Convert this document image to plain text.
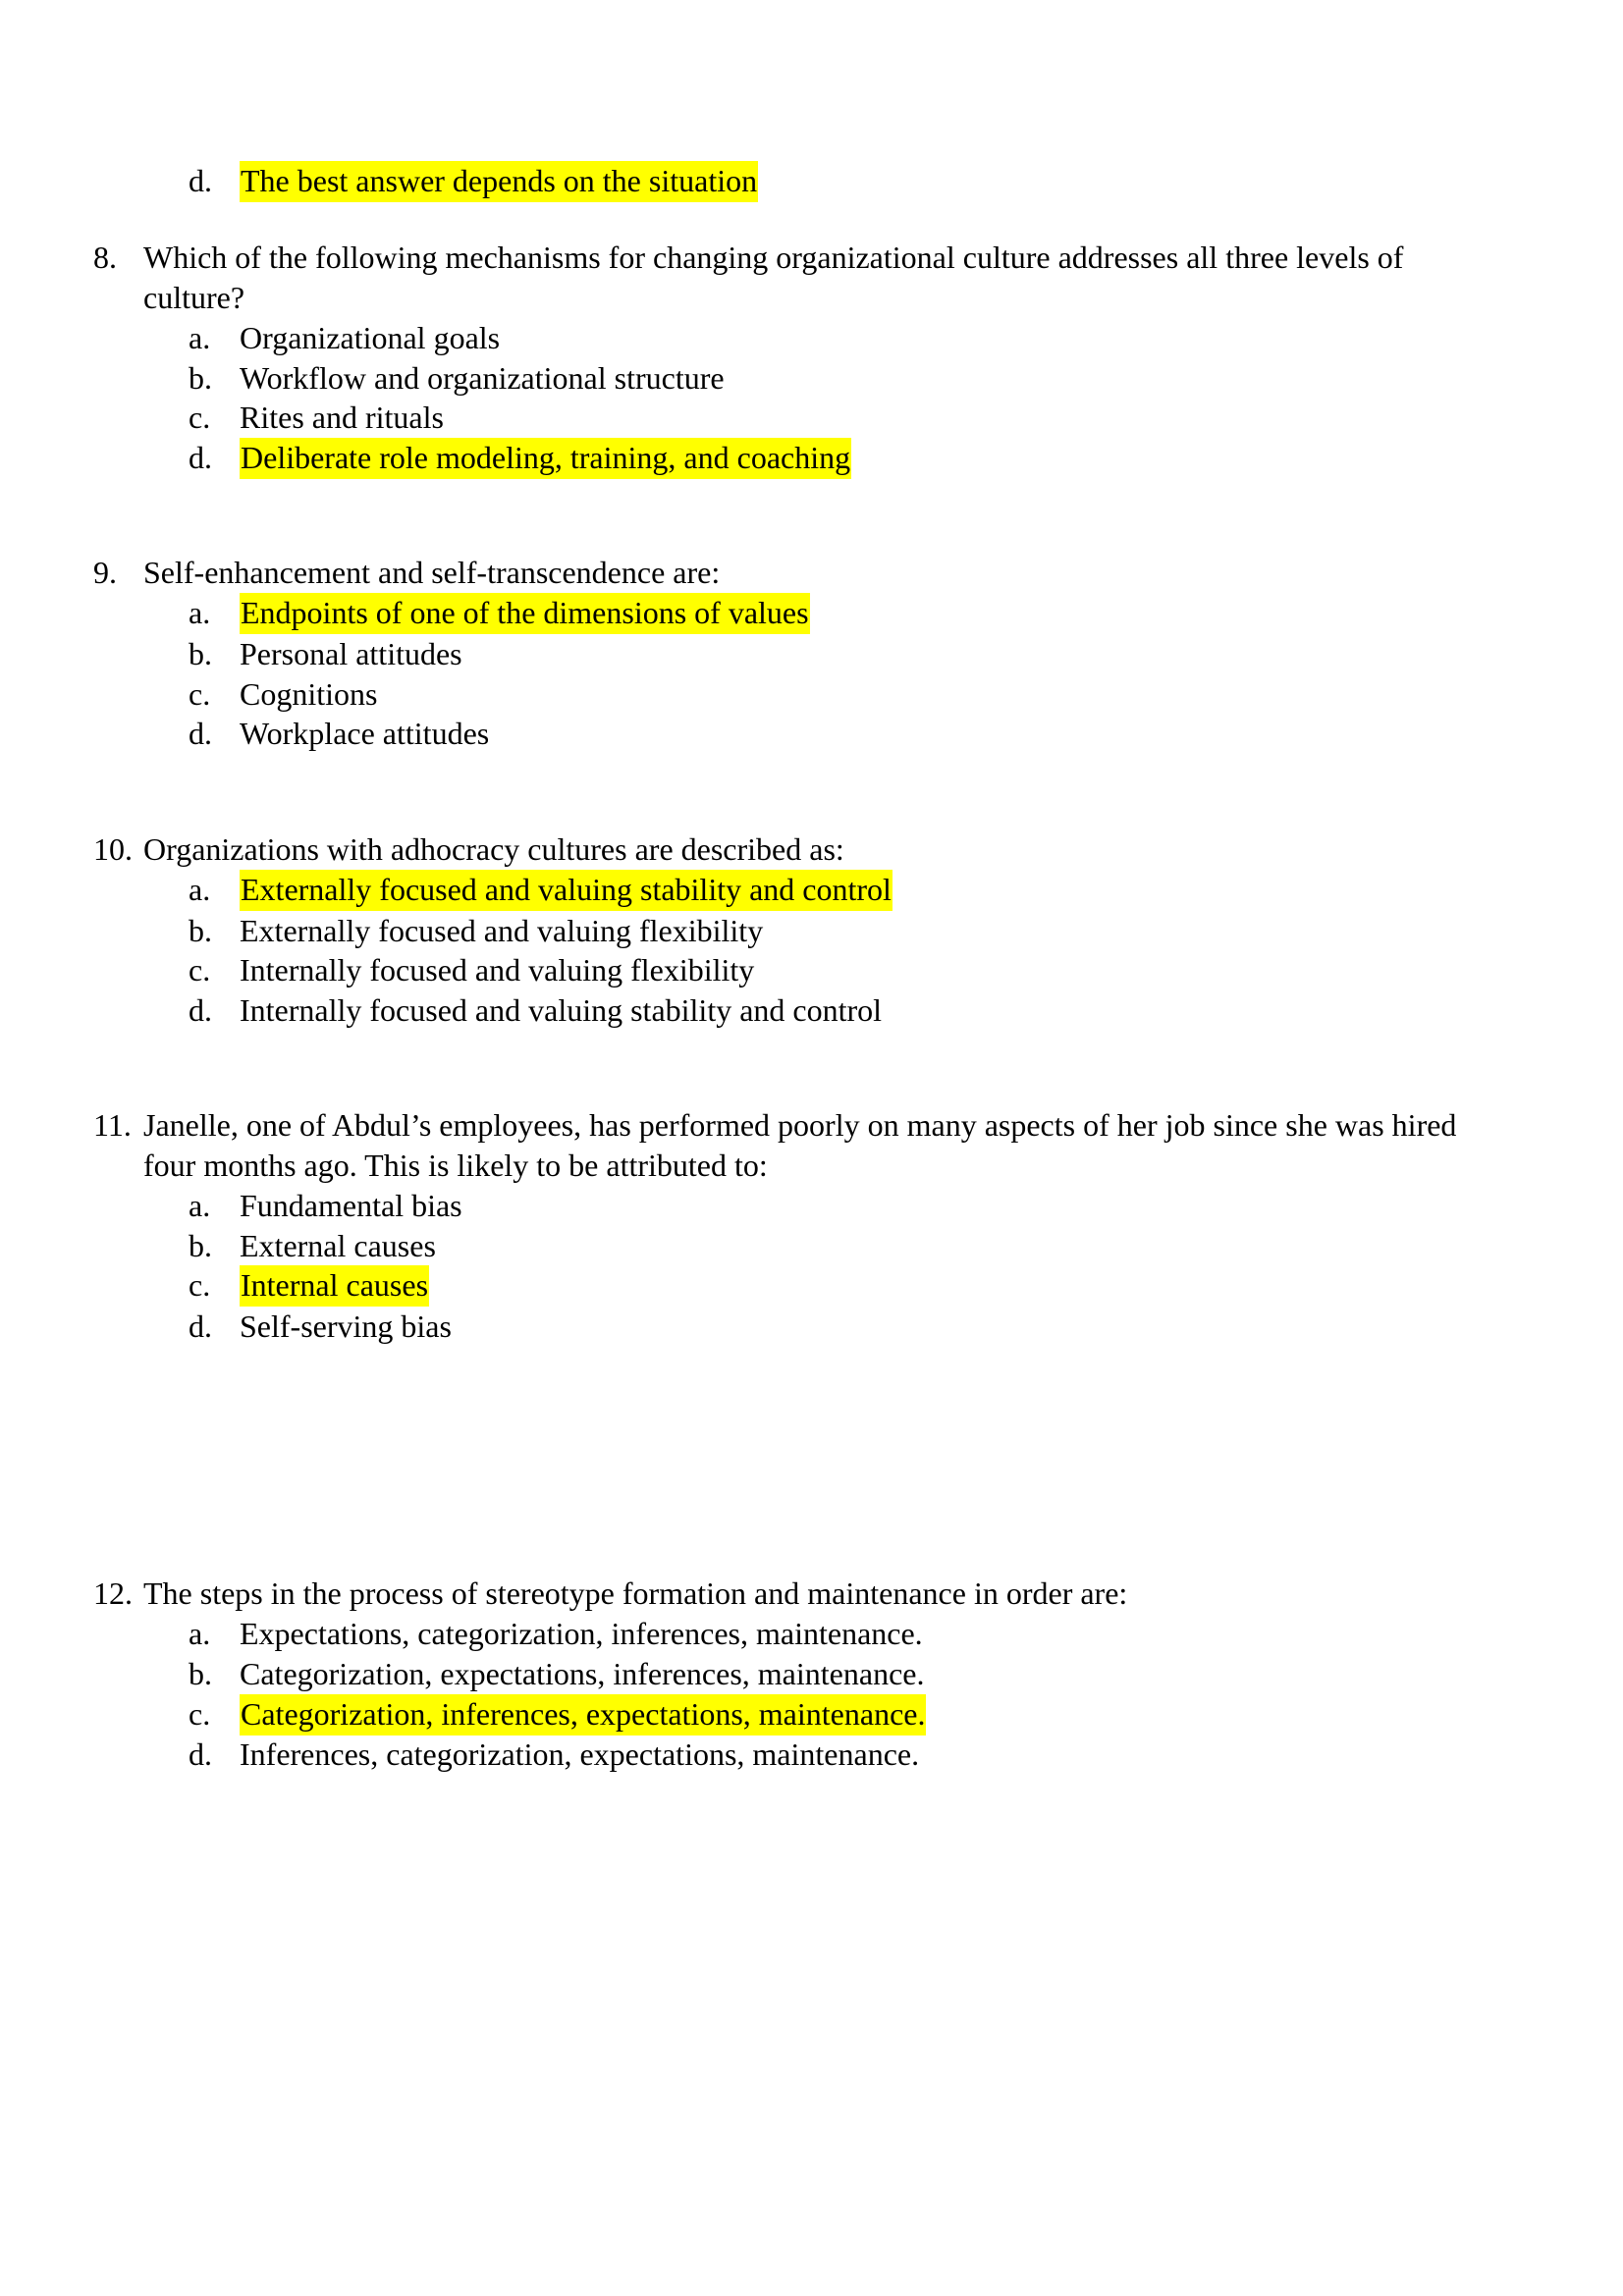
d. The best answer depends on the situation
8. Which of the following mechanisms for changing organizational culture addresses all three levels of
culture?
a. Organizational goals
b. Workflow and organizational structure
c. Rites and rituals
d. Deliberate role modeling, training, and coaching
9. Self-enhancement and self-transcendence are:
a. Endpoints of one of the dimensions of values
b. Personal attitudes
c. Cognitions
d. Workplace attitudes
10. Organizations with adhocracy cultures are described as:
a. Externally focused and valuing stability and control
b. Externally focused and valuing flexibility
c. Internally focused and valuing flexibility
d. Internally focused and valuing stability and control
11. Janelle, one of Abdul’s employees, has performed poorly on many aspects of her job since she was hired
four months ago. This is likely to be attributed to:
a. Fundamental bias
b. External causes
c. Internal causes
d. Self-serving bias
12. The steps in the process of stereotype formation and maintenance in order are:
a. Expectations, categorization, inferences, maintenance.
b. Categorization, expectations, inferences, maintenance.
c. Categorization, inferences, expectations, maintenance.
d. Inferences, categorization, expectations, maintenance.
